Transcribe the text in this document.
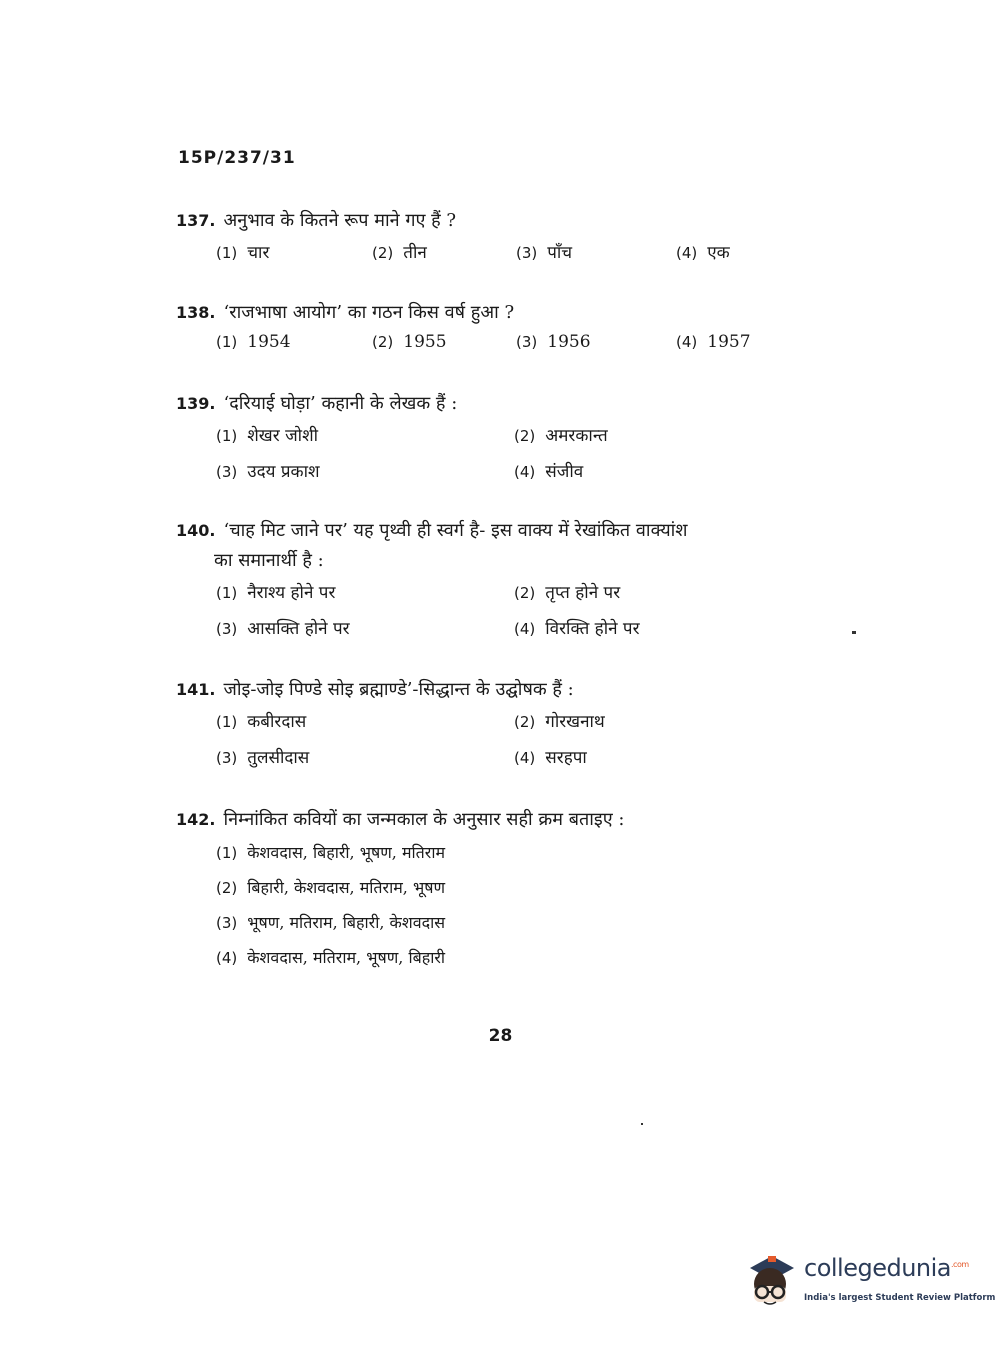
15P/237/31
137. अनुभाव के कितने रूप माने गए हैं ?
(1) चार	(2) तीन	(3) पाँच	(4) एक
138. ‘राजभाषा आयोग’ का गठन किस वर्ष हुआ ?
(1) 1954	(2) 1955	(3) 1956	(4) 1957
139. ‘दरियाई घोड़ा’ कहानी के लेखक हैं :
(1) शेखर जोशी	(2) अमरकान्त
(3) उदय प्रकाश	(4) संजीव
140. ‘चाह मिट जाने पर’ यह पृथ्वी ही स्वर्ग है- इस वाक्य में रेखांकित वाक्यांश
का समानार्थी है :
(1) नैराश्य होने पर	(2) तृप्त होने पर
(3) आसक्ति होने पर	(4) विरक्ति होने पर
141. जोइ-जोइ पिण्डे सोइ ब्रह्माण्डे’-सिद्धान्त के उद्घोषक हैं :
(1) कबीरदास	(2) गोरखनाथ
(3) तुलसीदास	(4) सरहपा
142. निम्नांकित कवियों का जन्मकाल के अनुसार सही क्रम बताइए :
(1) केशवदास, बिहारी, भूषण, मतिराम
(2) बिहारी, केशवदास, मतिराम, भूषण
(3) भूषण, मतिराम, बिहारी, केशवदास
(4) केशवदास, मतिराम, भूषण, बिहारी
28
collegedunia$^{.com}$
India's largest Student Review Platform
